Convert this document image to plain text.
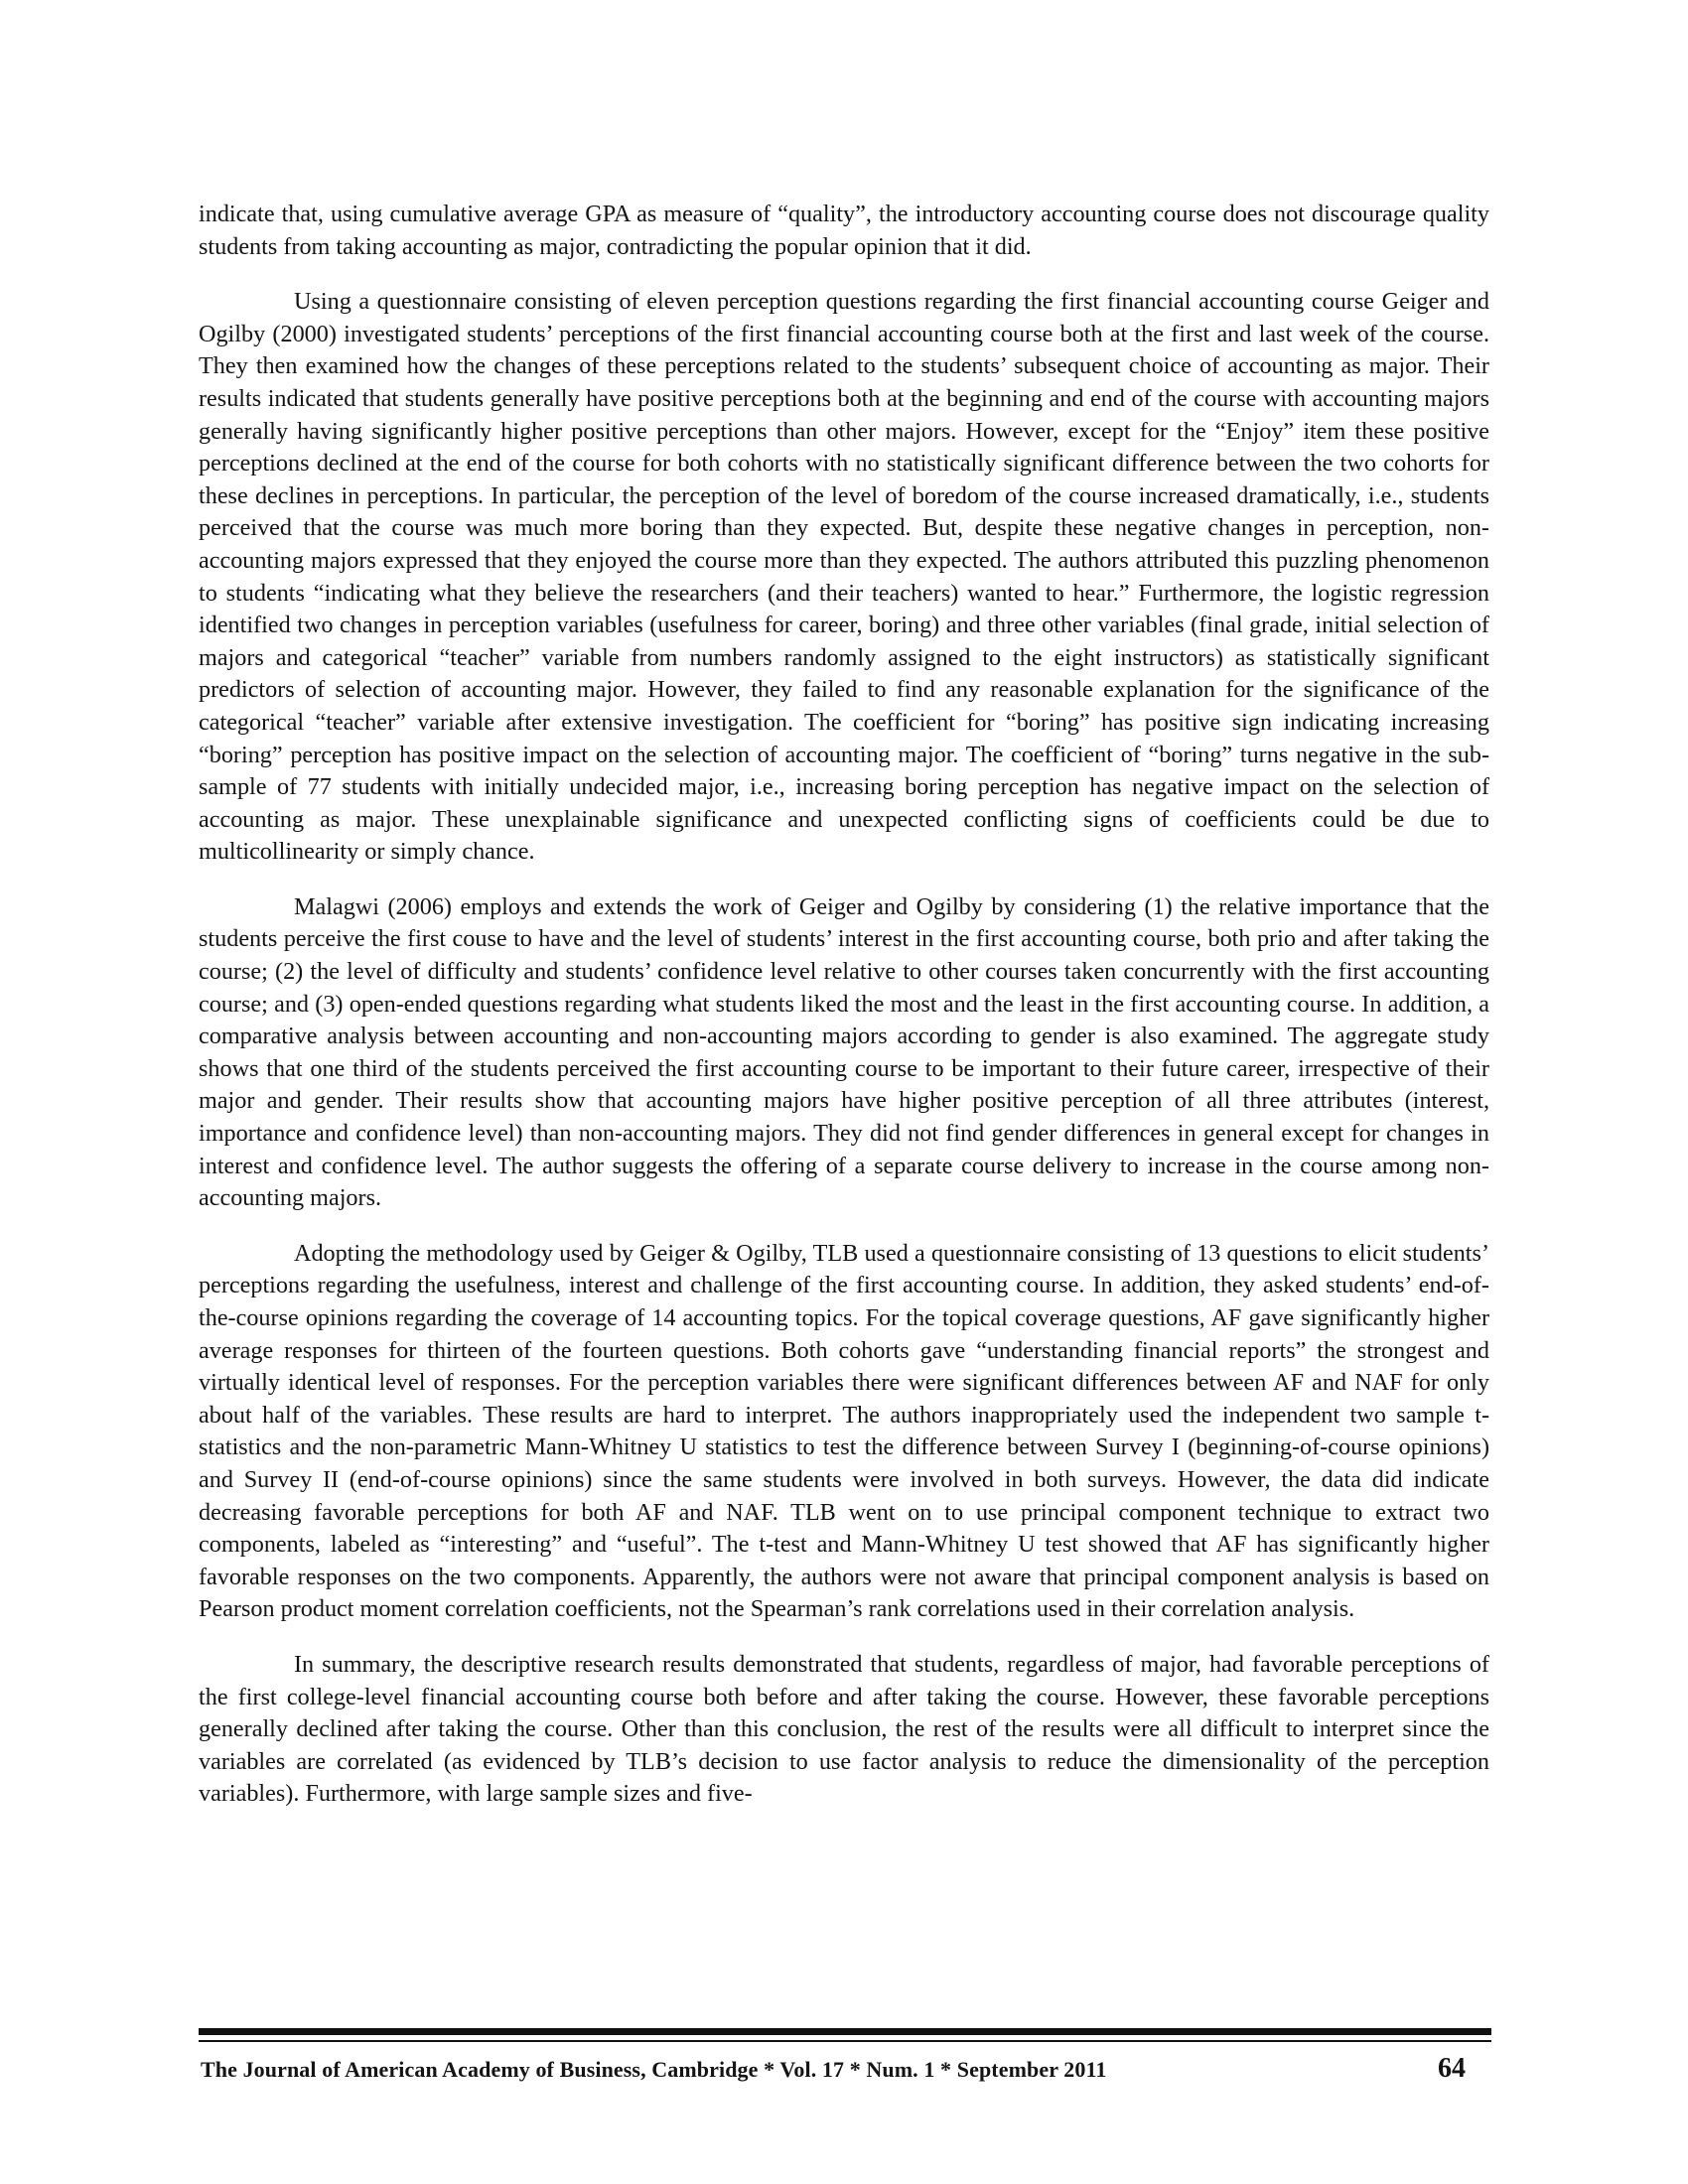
indicate that, using cumulative average GPA as measure of “quality”, the introductory accounting course does not discourage quality students from taking accounting as major, contradicting the popular opinion that it did.

Using a questionnaire consisting of eleven perception questions regarding the first financial accounting course Geiger and Ogilby (2000) investigated students’ perceptions of the first financial accounting course both at the first and last week of the course. They then examined how the changes of these perceptions related to the students’ subsequent choice of accounting as major. Their results indicated that students generally have positive perceptions both at the beginning and end of the course with accounting majors generally having significantly higher positive perceptions than other majors. However, except for the “Enjoy” item these positive perceptions declined at the end of the course for both cohorts with no statistically significant difference between the two cohorts for these declines in perceptions. In particular, the perception of the level of boredom of the course increased dramatically, i.e., students perceived that the course was much more boring than they expected. But, despite these negative changes in perception, non-accounting majors expressed that they enjoyed the course more than they expected. The authors attributed this puzzling phenomenon to students “indicating what they believe the researchers (and their teachers) wanted to hear.” Furthermore, the logistic regression identified two changes in perception variables (usefulness for career, boring) and three other variables (final grade, initial selection of majors and categorical “teacher” variable from numbers randomly assigned to the eight instructors) as statistically significant predictors of selection of accounting major. However, they failed to find any reasonable explanation for the significance of the categorical “teacher” variable after extensive investigation. The coefficient for “boring” has positive sign indicating increasing “boring” perception has positive impact on the selection of accounting major. The coefficient of “boring” turns negative in the sub-sample of 77 students with initially undecided major, i.e., increasing boring perception has negative impact on the selection of accounting as major. These unexplainable significance and unexpected conflicting signs of coefficients could be due to multicollinearity or simply chance.

Malagwi (2006) employs and extends the work of Geiger and Ogilby by considering (1) the relative importance that the students perceive the first couse to have and the level of students’ interest in the first accounting course, both prio and after taking the course; (2) the level of difficulty and students’ confidence level relative to other courses taken concurrently with the first accounting course; and (3) open-ended questions regarding what students liked the most and the least in the first accounting course. In addition, a comparative analysis between accounting and non-accounting majors according to gender is also examined. The aggregate study shows that one third of the students perceived the first accounting course to be important to their future career, irrespective of their major and gender. Their results show that accounting majors have higher positive perception of all three attributes (interest, importance and confidence level) than non-accounting majors. They did not find gender differences in general except for changes in interest and confidence level. The author suggests the offering of a separate course delivery to increase in the course among non-accounting majors.

Adopting the methodology used by Geiger & Ogilby, TLB used a questionnaire consisting of 13 questions to elicit students’ perceptions regarding the usefulness, interest and challenge of the first accounting course. In addition, they asked students’ end-of-the-course opinions regarding the coverage of 14 accounting topics. For the topical coverage questions, AF gave significantly higher average responses for thirteen of the fourteen questions. Both cohorts gave “understanding financial reports” the strongest and virtually identical level of responses. For the perception variables there were significant differences between AF and NAF for only about half of the variables. These results are hard to interpret. The authors inappropriately used the independent two sample t-statistics and the non-parametric Mann-Whitney U statistics to test the difference between Survey I (beginning-of-course opinions) and Survey II (end-of-course opinions) since the same students were involved in both surveys. However, the data did indicate decreasing favorable perceptions for both AF and NAF. TLB went on to use principal component technique to extract two components, labeled as “interesting” and “useful”. The t-test and Mann-Whitney U test showed that AF has significantly higher favorable responses on the two components. Apparently, the authors were not aware that principal component analysis is based on Pearson product moment correlation coefficients, not the Spearman’s rank correlations used in their correlation analysis.

In summary, the descriptive research results demonstrated that students, regardless of major, had favorable perceptions of the first college-level financial accounting course both before and after taking the course. However, these favorable perceptions generally declined after taking the course. Other than this conclusion, the rest of the results were all difficult to interpret since the variables are correlated (as evidenced by TLB’s decision to use factor analysis to reduce the dimensionality of the perception variables). Furthermore, with large sample sizes and five-

The Journal of American Academy of Business, Cambridge * Vol. 17 * Num. 1 * September 2011	64
